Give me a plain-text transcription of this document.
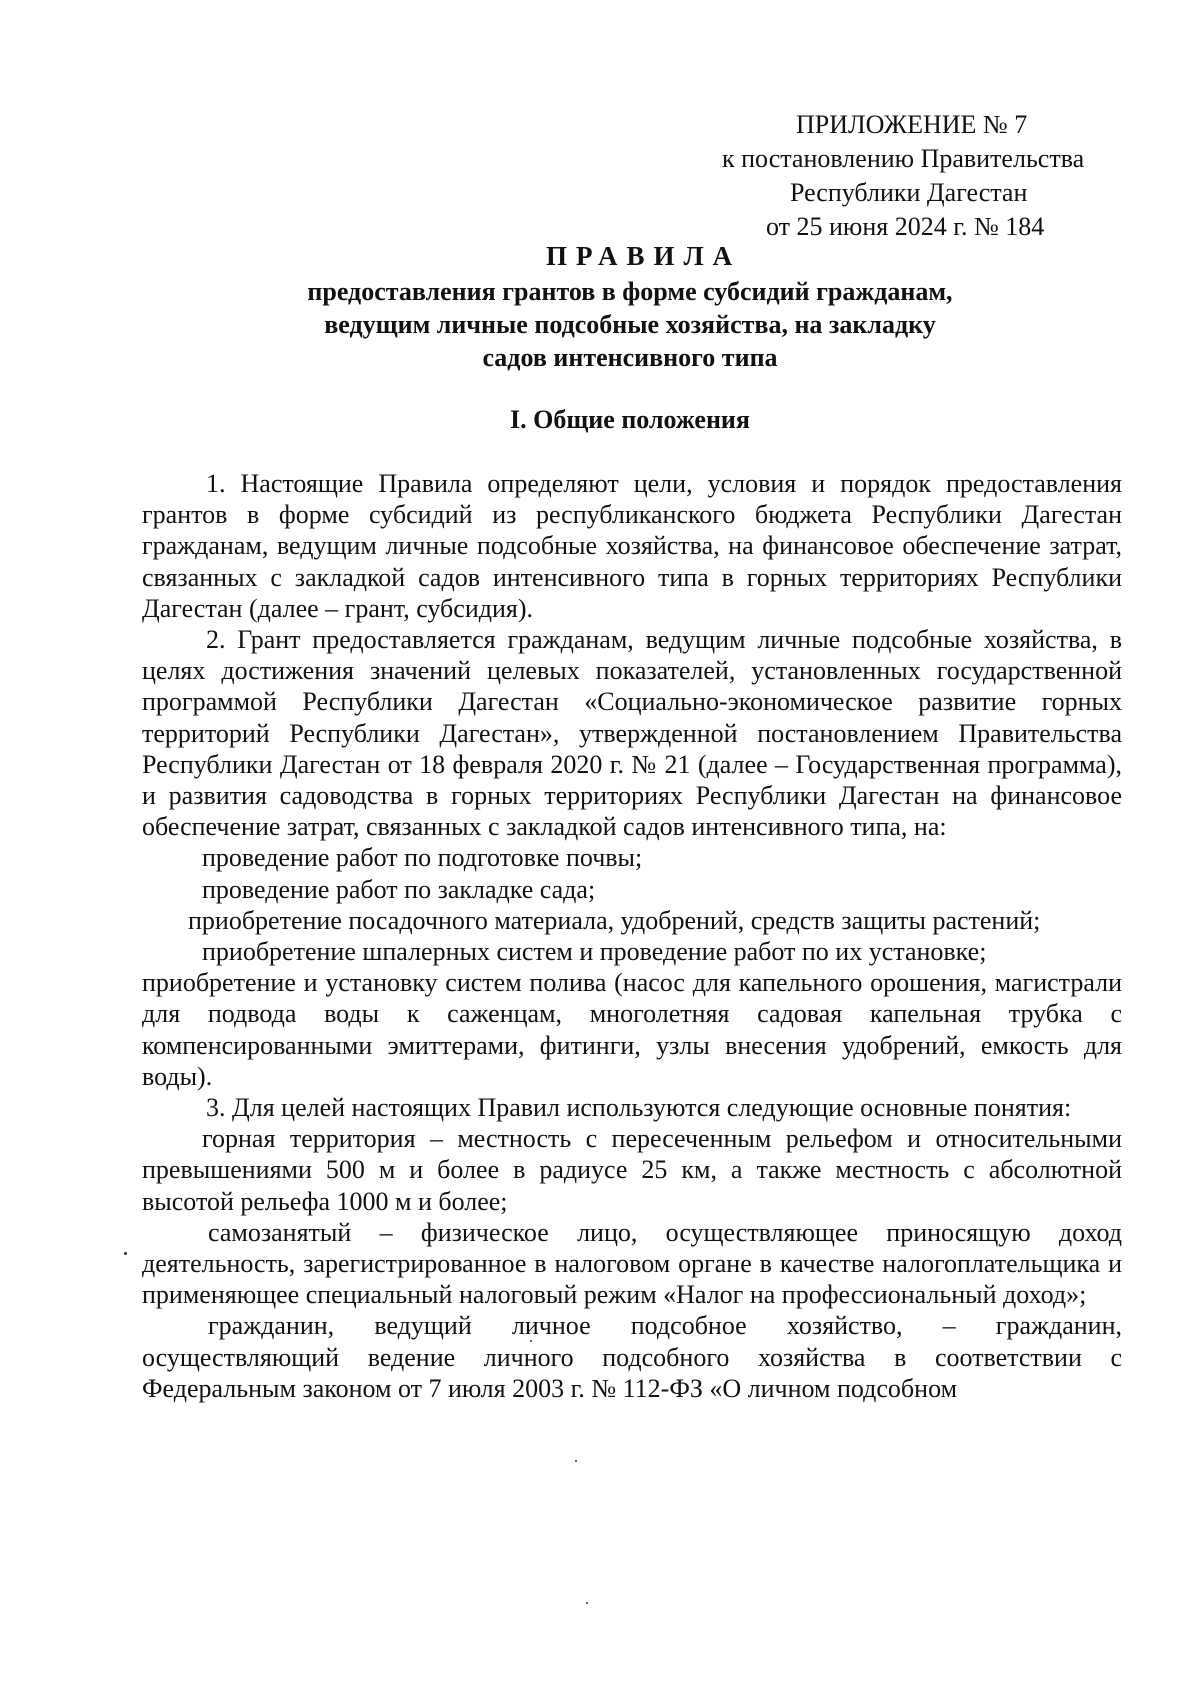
ПРИЛОЖЕНИЕ № 7
к постановлению Правительства
Республики Дагестан
от 25 июня 2024 г. № 184
ПРАВИЛА
предоставления грантов в форме субсидий гражданам,
ведущим личные подсобные хозяйства, на закладку
садов интенсивного типа
I. Общие положения

1. Настоящие Правила определяют цели, условия и порядок предоставления грантов в форме субсидий из республиканского бюджета Республики Дагестан гражданам, ведущим личные подсобные хозяйства, на финансовое обеспечение затрат, связанных с закладкой садов интенсивного типа в горных территориях Республики Дагестан (далее – грант, субсидия).

2. Грант предоставляется гражданам, ведущим личные подсобные хозяйства, в целях достижения значений целевых показателей, установленных государственной программой Республики Дагестан «Социально-экономическое развитие горных территорий Республики Дагестан», утвержденной постановлением Правительства Республики Дагестан от 18 февраля 2020 г. № 21 (далее – Государственная программа), и развития садоводства в горных территориях Республики Дагестан на финансовое обеспечение затрат, связанных с закладкой садов интенсивного типа, на:

проведение работ по подготовке почвы;

проведение работ по закладке сада;

приобретение посадочного материала, удобрений, средств защиты растений;

приобретение шпалерных систем и проведение работ по их установке;

приобретение и установку систем полива (насос для капельного орошения, магистрали для подвода воды к саженцам, многолетняя садовая капельная трубка с компенсированными эмиттерами, фитинги, узлы внесения удобрений, емкость для воды).

3. Для целей настоящих Правил используются следующие основные понятия:

горная территория – местность с пересеченным рельефом и относительными превышениями 500 м и более в радиусе 25 км, а также местность с абсолютной высотой рельефа 1000 м и более;

самозанятый – физическое лицо, осуществляющее приносящую доход деятельность, зарегистрированное в налоговом органе в качестве налогоплательщика и применяющее специальный налоговый режим «Налог на профессиональный доход»;

гражданин, ведущий личное подсобное хозяйство, – гражданин, осуществляющий ведение личного подсобного хозяйства в соответствии с Федеральным законом от 7 июля 2003 г. № 112-ФЗ «О личном подсобном
